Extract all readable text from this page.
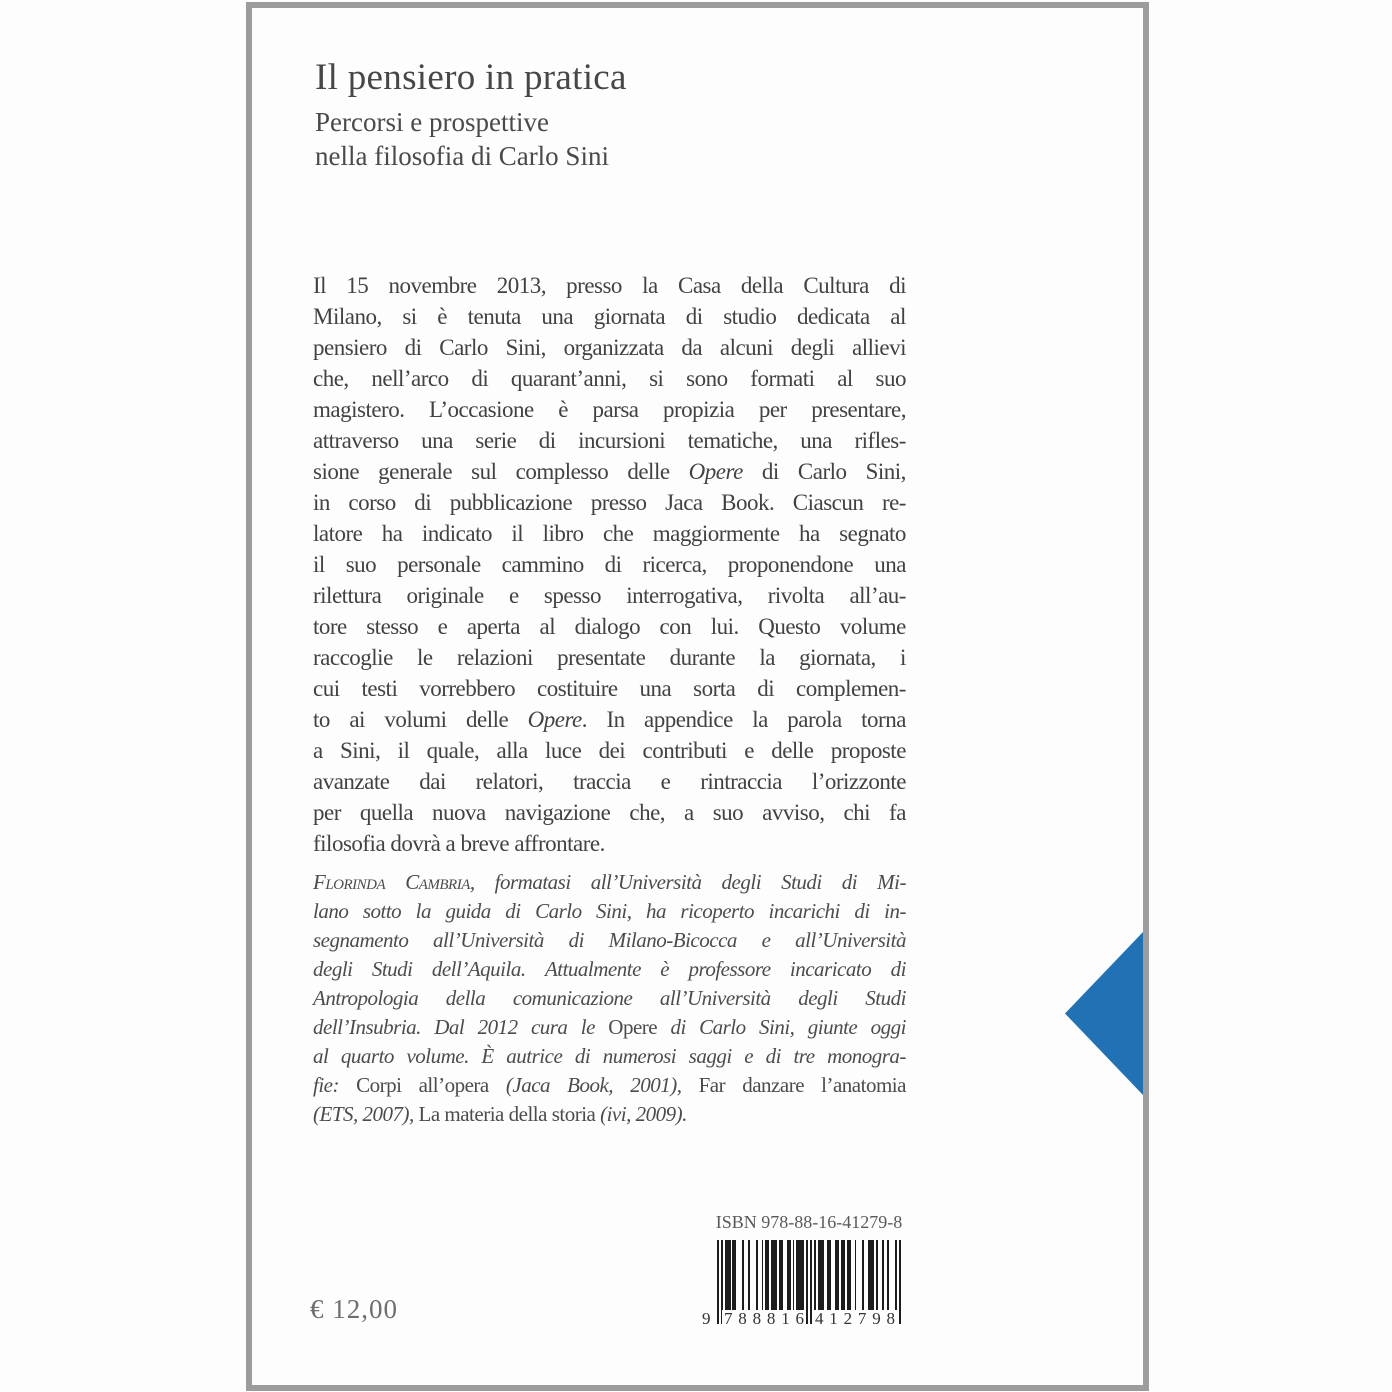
Il pensiero in pratica
Percorsi e prospettive
nella filosofia di Carlo Sini
Il 15 novembre 2013, presso la Casa della Cultura di
Milano, si è tenuta una giornata di studio dedicata al
pensiero di Carlo Sini, organizzata da alcuni degli allievi
che, nell’arco di quarant’anni, si sono formati al suo
magistero. L’occasione è parsa propizia per presentare,
attraverso una serie di incursioni tematiche, una rifles-
sione generale sul complesso delle Opere di Carlo Sini,
in corso di pubblicazione presso Jaca Book. Ciascun re-
latore ha indicato il libro che maggiormente ha segnato
il suo personale cammino di ricerca, proponendone una
rilettura originale e spesso interrogativa, rivolta all’au-
tore stesso e aperta al dialogo con lui. Questo volume
raccoglie le relazioni presentate durante la giornata, i
cui testi vorrebbero costituire una sorta di complemen-
to ai volumi delle Opere. In appendice la parola torna
a Sini, il quale, alla luce dei contributi e delle proposte
avanzate dai relatori, traccia e rintraccia l’orizzonte
per quella nuova navigazione che, a suo avviso, chi fa
filosofia dovrà a breve affrontare.
Florinda Cambria, formatasi all’Università degli Studi di Mi-
lano sotto la guida di Carlo Sini, ha ricoperto incarichi di in-
segnamento all’Università di Milano-Bicocca e all’Università
degli Studi dell’Aquila. Attualmente è professore incaricato di
Antropologia della comunicazione all’Università degli Studi
dell’Insubria. Dal 2012 cura le Opere di Carlo Sini, giunte oggi
al quarto volume. È autrice di numerosi saggi e di tre monogra-
fie: Corpi all’opera (Jaca Book, 2001), Far danzare l’anatomia
(ETS, 2007), La materia della storia (ivi, 2009).
ISBN 978-88-16-41279-8
9 7 8 8 8 1 6 4 1 2 7 9 8
€ 12,00
